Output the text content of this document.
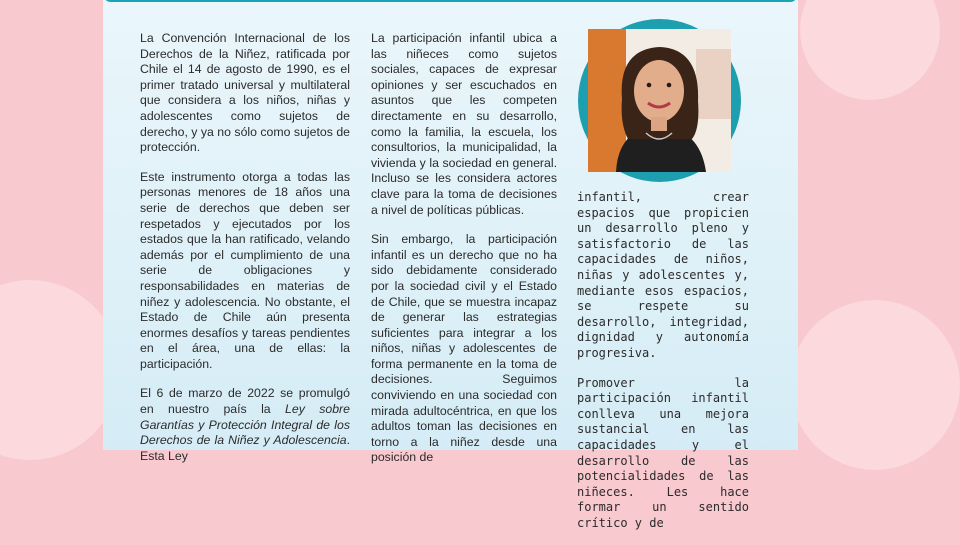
La Convención Internacional de los Derechos de la Niñez, ratificada por Chile el 14 de agosto de 1990, es el primer tratado universal y multilateral que considera a los niños, niñas y adolescentes como sujetos de derecho, y ya no sólo como sujetos de protección.

Este instrumento otorga a todas las personas menores de 18 años una serie de derechos que deben ser respetados y ejecutados por los estados que la han ratificado, velando además por el cumplimiento de una serie de obligaciones y responsabilidades en materias de niñez y adolescencia. No obstante, el Estado de Chile aún presenta enormes desafíos y tareas pendientes en el área, una de ellas: la participación.

El 6 de marzo de 2022 se promulgó en nuestro país la Ley sobre Garantías y Protección Integral de los Derechos de la Niñez y Adolescencia. Esta Ley

La participación infantil ubica a las niñeces como sujetos sociales, capaces de expresar opiniones y ser escuchados en asuntos que les competen directamente en su desarrollo, como la familia, la escuela, los consultorios, la municipalidad, la vivienda y la sociedad en general. Incluso se les considera actores clave para la toma de decisiones a nivel de políticas públicas.

Sin embargo, la participación infantil es un derecho que no ha sido debidamente considerado por la sociedad civil y el Estado de Chile, que se muestra incapaz de generar las estrategias suficientes para integrar a los niños, niñas y adolescentes de forma permanente en la toma de decisiones. Seguimos conviviendo en una sociedad con mirada adultocéntrica, en que los adultos toman las decisiones en torno a la niñez desde una posición de

infantil, crear espacios que propicien un desarrollo pleno y satisfactorio de las capacidades de niños, niñas y adolescentes y, mediante esos espacios, se respete su desarrollo, integridad, dignidad y autonomía progresiva.

Promover la participación infantil conlleva una mejora sustancial en las capacidades y el desarrollo de las potencialidades de las niñeces. Les hace formar un sentido crítico y de
